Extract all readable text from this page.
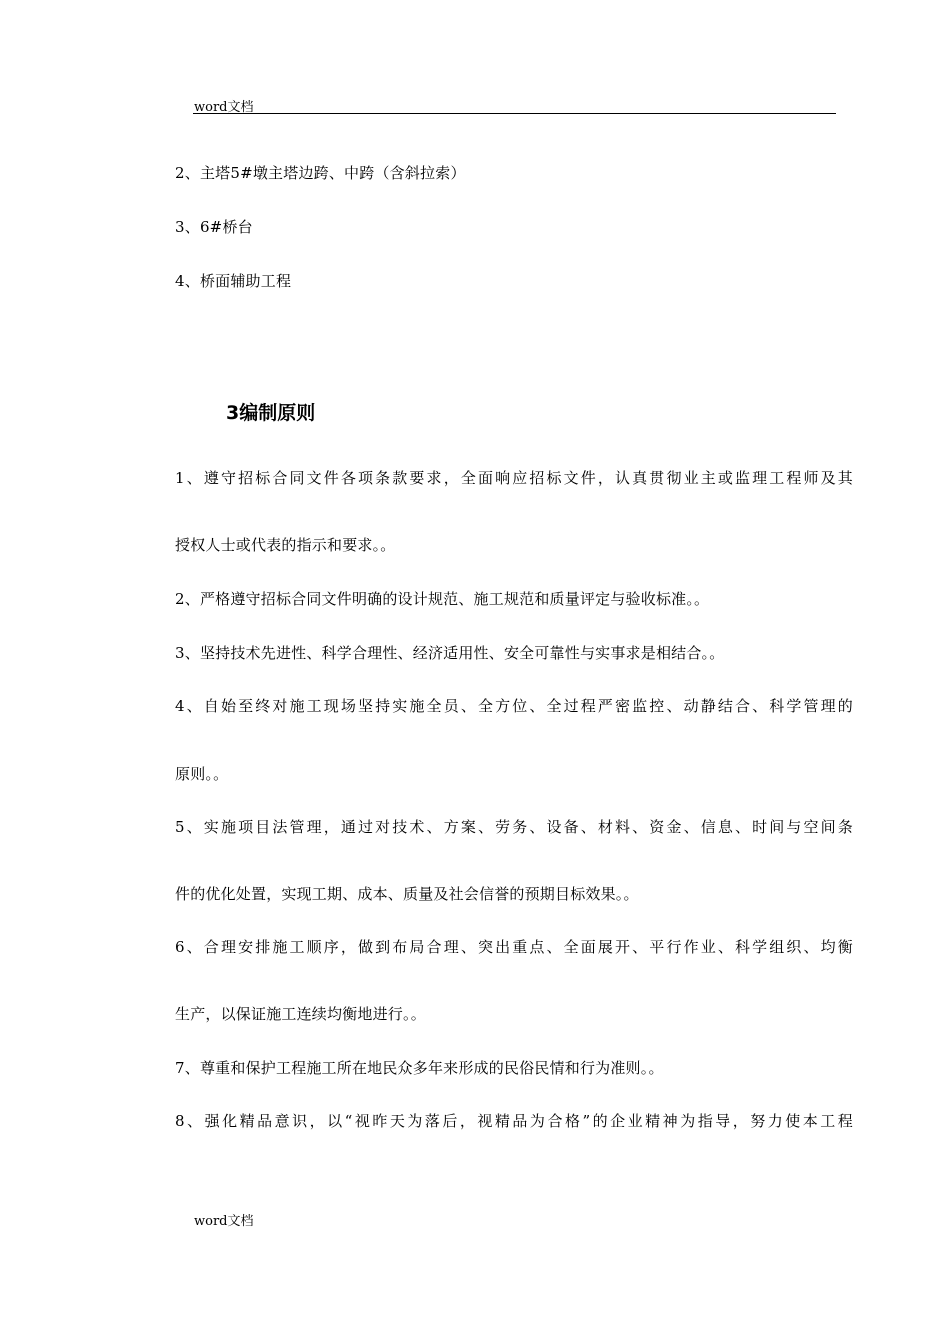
word文档
2、主塔5#墩主塔边跨、中跨（含斜拉索）
3、6#桥台
4、桥面辅助工程
3编制原则
1、遵守招标合同文件各项条款要求，全面响应招标文件，认真贯彻业主或监理工程师及其
授权人士或代表的指示和要求。。
2、严格遵守招标合同文件明确的设计规范、施工规范和质量评定与验收标准。。
3、坚持技术先进性、科学合理性、经济适用性、安全可靠性与实事求是相结合。。
4、自始至终对施工现场坚持实施全员、全方位、全过程严密监控、动静结合、科学管理的
原则。。
5、实施项目法管理，通过对技术、方案、劳务、设备、材料、资金、信息、时间与空间条
件的优化处置，实现工期、成本、质量及社会信誉的预期目标效果。。
6、合理安排施工顺序，做到布局合理、突出重点、全面展开、平行作业、科学组织、均衡
生产，以保证施工连续均衡地进行。。
7、尊重和保护工程施工所在地民众多年来形成的民俗民情和行为准则。。
8、强化精品意识，以“视昨天为落后，视精品为合格”的企业精神为指导，努力使本工程
word文档
